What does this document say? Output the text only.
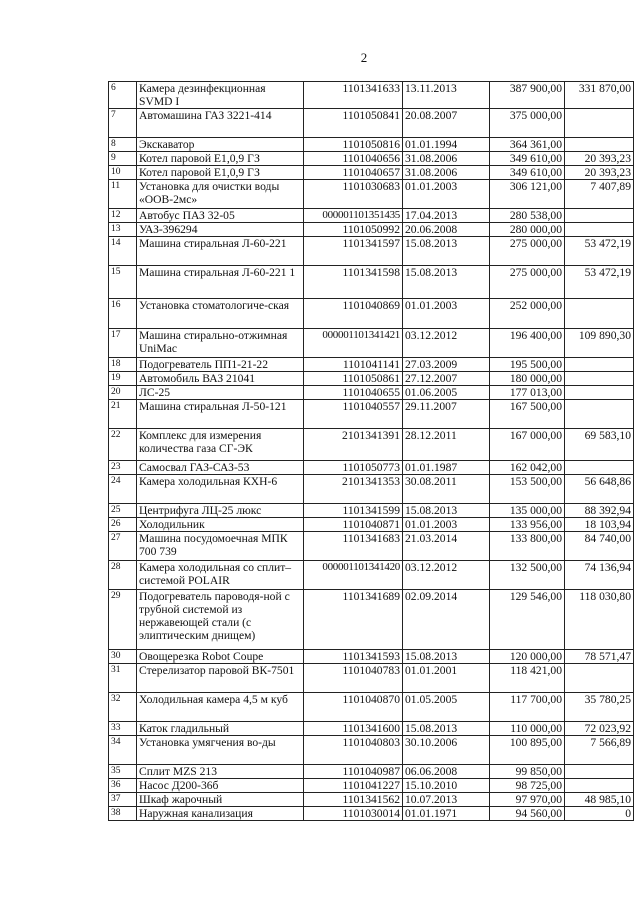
2
6	Камера дезинфекционная SVMD I	1101341633	13.11.2013	387 900,00	331 870,00
7	Автомашина ГАЗ 3221-414	1101050841	20.08.2007	375 000,00	
8	Экскаватор	1101050816	01.01.1994	364 361,00	
9	Котел паровой Е1,0,9 ГЗ	1101040656	31.08.2006	349 610,00	20 393,23
10	Котел паровой Е1,0,9 ГЗ	1101040657	31.08.2006	349 610,00	20 393,23
11	Установка для очистки воды «ООВ-2мс»	1101030683	01.01.2003	306 121,00	7 407,89
12	Автобус ПАЗ 32-05	000001101351435	17.04.2013	280 538,00	
13	УАЗ-396294	1101050992	20.06.2008	280 000,00	
14	Машина стиральная Л-60-221	1101341597	15.08.2013	275 000,00	53 472,19
15	Машина стиральная Л-60-221 1	1101341598	15.08.2013	275 000,00	53 472,19
16	Установка стоматологиче-ская	1101040869	01.01.2003	252 000,00	
17	Машина стирально-отжимная UniMac	000001101341421	03.12.2012	196 400,00	109 890,30
18	Подогреватель ПП1-21-22	1101041141	27.03.2009	195 500,00	
19	Автомобиль ВАЗ 21041	1101050861	27.12.2007	180 000,00	
20	ЛС-25	1101040655	01.06.2005	177 013,00	
21	Машина стиральная Л-50-121	1101040557	29.11.2007	167 500,00	
22	Комплекс для измерения количества газа СГ-ЭК	2101341391	28.12.2011	167 000,00	69 583,10
23	Самосвал ГАЗ-САЗ-53	1101050773	01.01.1987	162 042,00	
24	Камера холодильная КХН-6	2101341353	30.08.2011	153 500,00	56 648,86
25	Центрифуга ЛЦ-25 люкс	1101341599	15.08.2013	135 000,00	88 392,94
26	Холодильник	1101040871	01.01.2003	133 956,00	18 103,94
27	Машина посудомоечная МПК 700 739	1101341683	21.03.2014	133 800,00	84 740,00
28	Камера холодильная со сплит–системой POLAIR	000001101341420	03.12.2012	132 500,00	74 136,94
29	Подогреватель пароводя-ной с трубной системой из нержавеющей стали (с элиптическим днищем)	1101341689	02.09.2014	129 546,00	118 030,80
30	Овощерезка Robot Coupe	1101341593	15.08.2013	120 000,00	78 571,47
31	Стерелизатор паровой ВК-7501	1101040783	01.01.2001	118 421,00	
32	Холодильная камера 4,5 м куб	1101040870	01.05.2005	117 700,00	35 780,25
33	Каток гладильный	1101341600	15.08.2013	110 000,00	72 023,92
34	Установка умягчения во-ды	1101040803	30.10.2006	100 895,00	7 566,89
35	Сплит MZS 213	1101040987	06.06.2008	99 850,00	
36	Насос Д200-36б	1101041227	15.10.2010	98 725,00	
37	Шкаф жарочный	1101341562	10.07.2013	97 970,00	48 985,10
38	Наружная канализация	1101030014	01.01.1971	94 560,00	0
